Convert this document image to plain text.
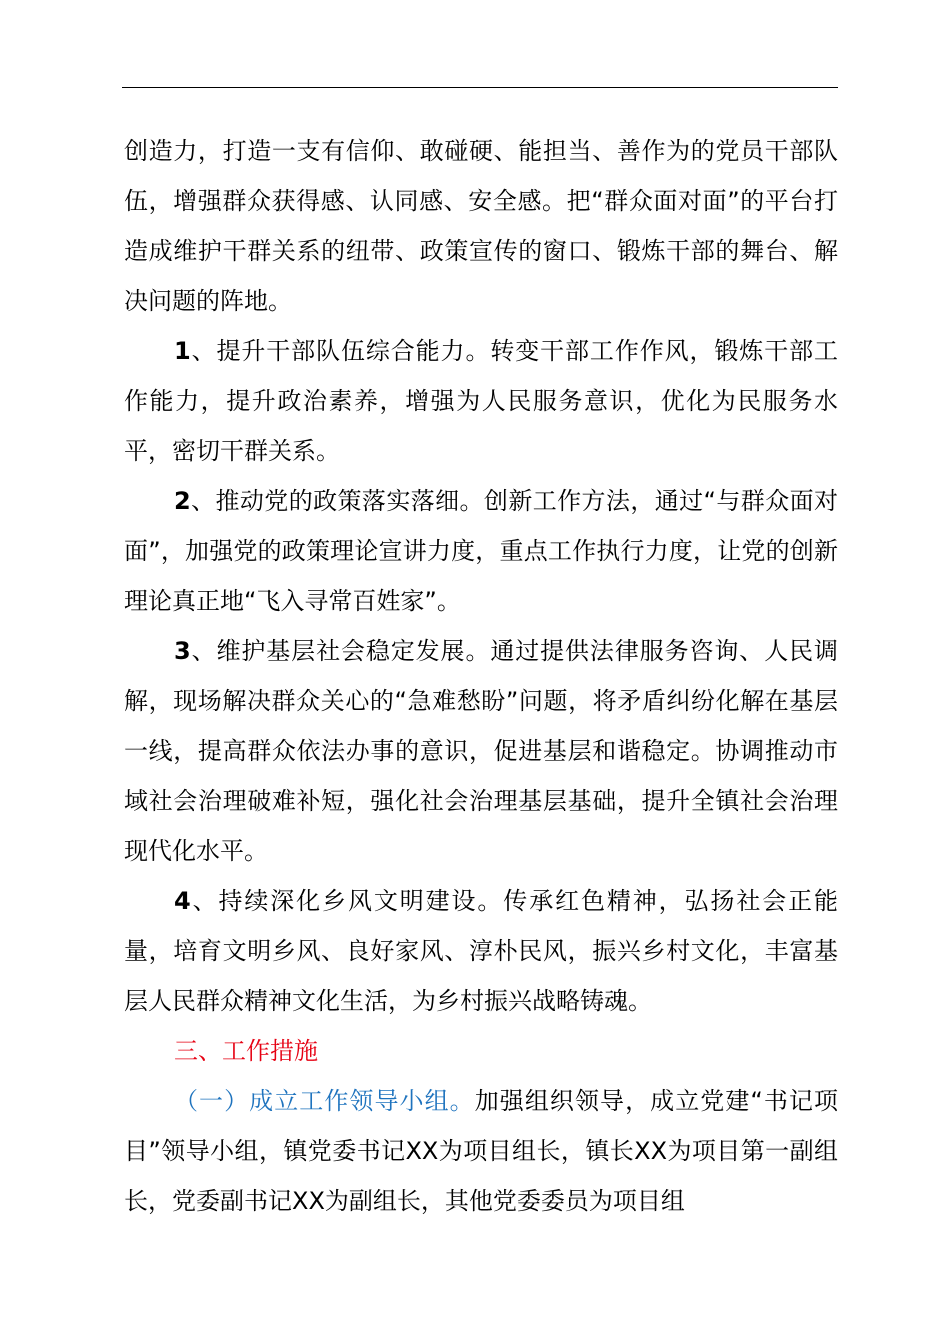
创造力，打造一支有信仰、敢碰硬、能担当、善作为的党员干部队伍，增强群众获得感、认同感、安全感。把“群众面对面”的平台打造成维护干群关系的纽带、政策宣传的窗口、锻炼干部的舞台、解决问题的阵地。

1、提升干部队伍综合能力。转变干部工作作风，锻炼干部工作能力，提升政治素养，增强为人民服务意识，优化为民服务水平，密切干群关系。

2、推动党的政策落实落细。创新工作方法，通过“与群众面对面”，加强党的政策理论宣讲力度，重点工作执行力度，让党的创新理论真正地“飞入寻常百姓家”。

3、维护基层社会稳定发展。通过提供法律服务咨询、人民调解，现场解决群众关心的“急难愁盼”问题，将矛盾纠纷化解在基层一线，提高群众依法办事的意识，促进基层和谐稳定。协调推动市域社会治理破难补短，强化社会治理基层基础，提升全镇社会治理现代化水平。

4、持续深化乡风文明建设。传承红色精神，弘扬社会正能量，培育文明乡风、良好家风、淳朴民风，振兴乡村文化，丰富基层人民群众精神文化生活，为乡村振兴战略铸魂。

三、工作措施

（一）成立工作领导小组。加强组织领导，成立党建“书记项目”领导小组，镇党委书记XX为项目组长，镇长XX为项目第一副组长，党委副书记XX为副组长，其他党委委员为项目组
